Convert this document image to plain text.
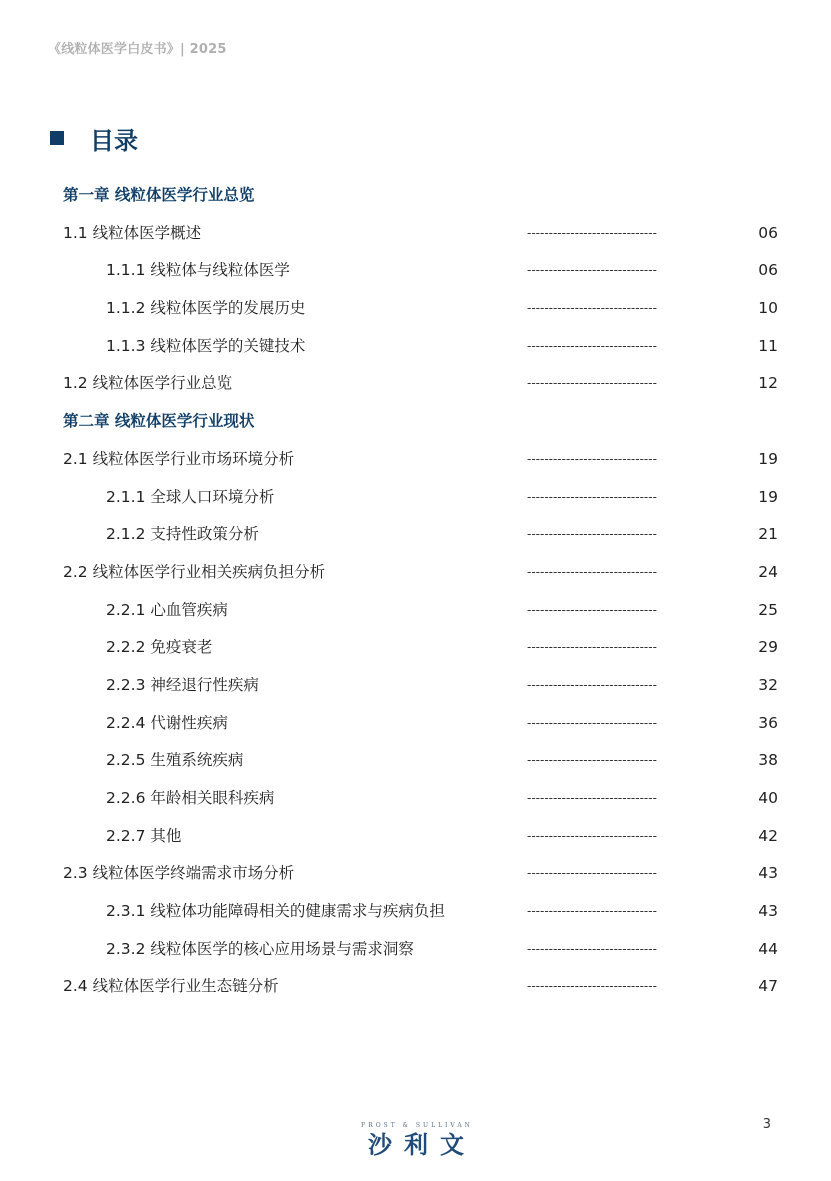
《线粒体医学白皮书》| 2025
目录
第一章 线粒体医学行业总览
1.1 线粒体医学概述	------------------------------	06
1.1.1 线粒体与线粒体医学	------------------------------	06
1.1.2 线粒体医学的发展历史	------------------------------	10
1.1.3 线粒体医学的关键技术	------------------------------	11
1.2 线粒体医学行业总览	------------------------------	12
第二章 线粒体医学行业现状
2.1 线粒体医学行业市场环境分析	------------------------------	19
2.1.1 全球人口环境分析	------------------------------	19
2.1.2 支持性政策分析	------------------------------	21
2.2 线粒体医学行业相关疾病负担分析	------------------------------	24
2.2.1 心血管疾病	------------------------------	25
2.2.2 免疫衰老	------------------------------	29
2.2.3 神经退行性疾病	------------------------------	32
2.2.4 代谢性疾病	------------------------------	36
2.2.5 生殖系统疾病	------------------------------	38
2.2.6 年龄相关眼科疾病	------------------------------	40
2.2.7 其他	------------------------------	42
2.3 线粒体医学终端需求市场分析	------------------------------	43
2.3.1 线粒体功能障碍相关的健康需求与疾病负担	------------------------------	43
2.3.2 线粒体医学的核心应用场景与需求洞察	------------------------------	44
2.4 线粒体医学行业生态链分析	------------------------------	47
FROST & SULLIVAN
沙利文
3
